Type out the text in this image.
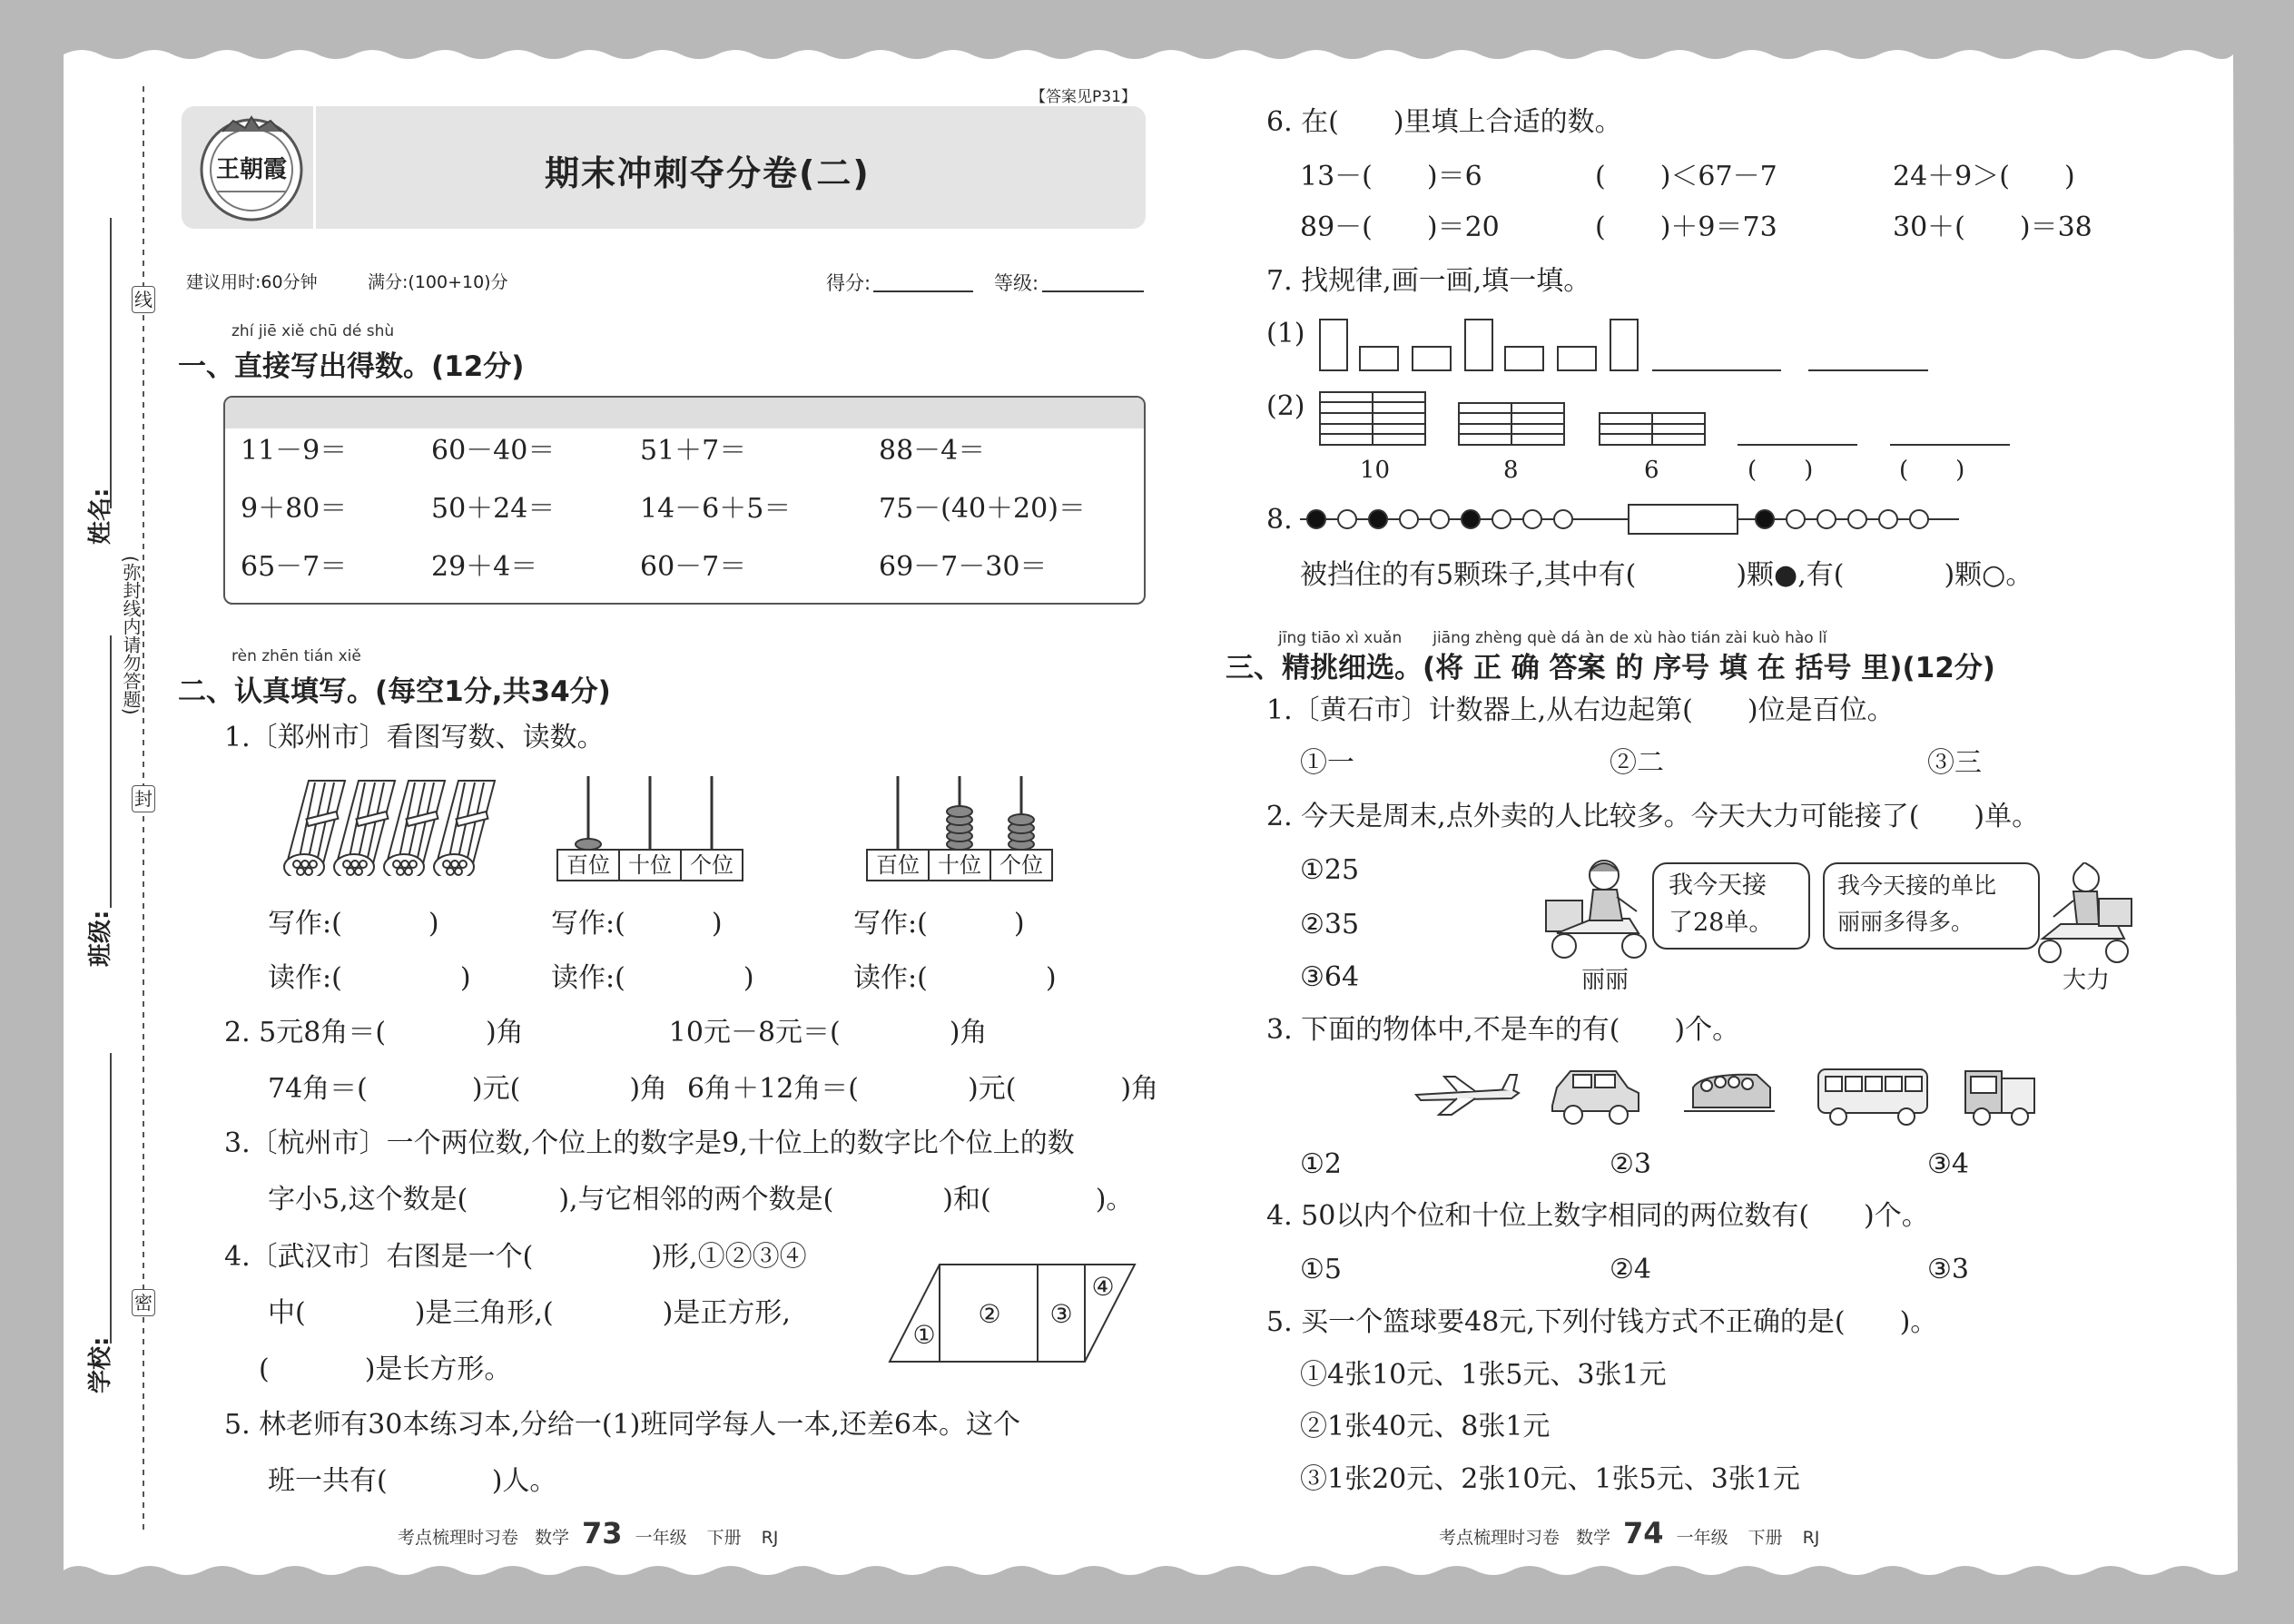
线
封
密
姓名:
班级:
学校:
(弥封线内请勿答题)
【答案见P31】
王朝霞	期末冲刺夺分卷(二)
建议用时:60分钟	满分:(100+10)分	得分:	等级:
zhí jiē xiě chū dé shù
一、直接写出得数。(12分)
11－9＝	60－40＝	51＋7＝	88－4＝
9＋80＝	50＋24＝	14－6＋5＝	75－(40＋20)＝
65－7＝	29＋4＝	60－7＝	69－7－30＝
rèn zhēn tián xiě
二、认真填写。(每空1分,共34分)
1.〔郑州市〕看图写数、读数。
百位 十位 个位	百位 十位 个位
写作:(	)	写作:(	)	写作:(	)
读作:(	)	读作:(	)	读作:(	)
2. 5元8角＝(	)角	10元－8元＝(	)角
74角＝(	)元(	)角 6角＋12角＝(	)元(	)角
3.〔杭州市〕一个两位数,个位上的数字是9,十位上的数字比个位上的数
字小5,这个数是(	),与它相邻的两个数是(	)和(	)。
4.〔武汉市〕右图是一个(	)形,①②③④
中(	)是三角形,(	)是正方形,
(	)是长方形。
①
② ③
④
5. 林老师有30本练习本,分给一(1)班同学每人一本,还差6本。这个
班一共有(	)人。
考点梳理时习卷 数学 73 一年级 下册 RJ
6. 在(　　)里填上合适的数。
13－(　　)＝6	(　　)＜67－7	24＋9＞(　　)
89－(　　)＝20	(　　)＋9＝73	30＋(　　)＝38
7. 找规律,画一画,填一填。
(1)
(2)
10	8	6	(　　)	(　　)
8.
被挡住的有5颗珠子,其中有(	)颗●,有(	)颗○。
jīng tiāo xì xuǎn　　jiāng zhèng què dá àn de xù hào tián zài kuò hào lǐ
三、精挑细选。(将 正 确 答案 的 序号 填 在 括号 里)(12分)
1.〔黄石市〕计数器上,从右边起第(　　)位是百位。
①一	②二	③三
2. 今天是周末,点外卖的人比较多。今天大力可能接了(　　)单。
①25
②35
③64	丽丽
我今天接
了28单。
我今天接的单比
丽丽多得多。
大力
3. 下面的物体中,不是车的有(　　)个。
①2	②3	③4
4. 50以内个位和十位上数字相同的两位数有(　　)个。
①5	②4	③3
5. 买一个篮球要48元,下列付钱方式不正确的是(　　)。
①4张10元、1张5元、3张1元
②1张40元、8张1元
③1张20元、2张10元、1张5元、3张1元
考点梳理时习卷 数学 74 一年级 下册 RJ
